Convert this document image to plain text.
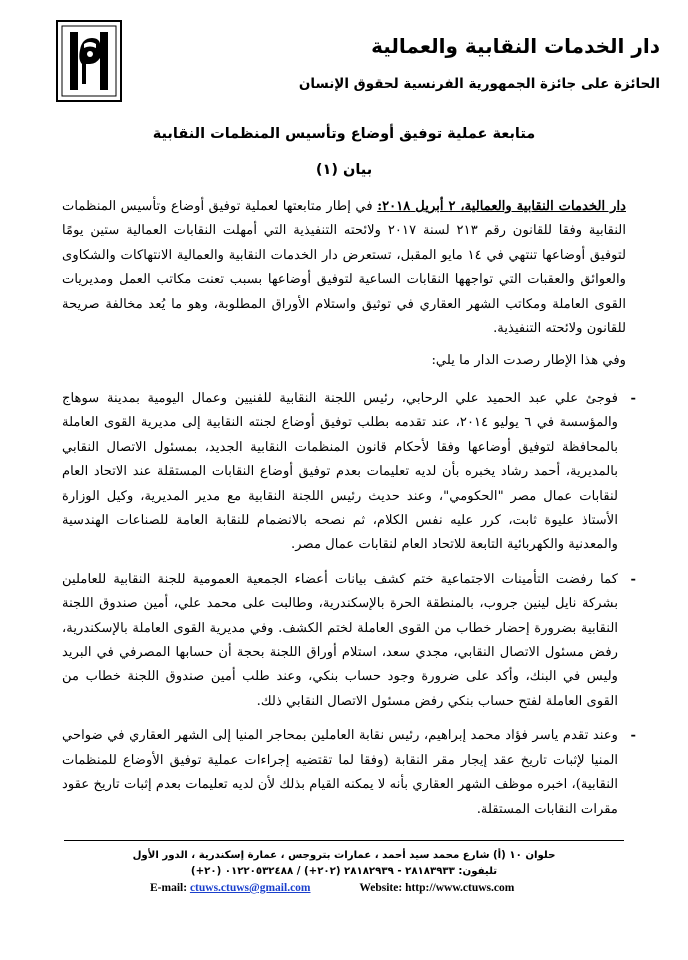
دار الخدمات النقابية والعمالية
الحائزة على جائزة الجمهورية الفرنسية لحقوق الإنسان
متابعة عملية توفيق أوضاع وتأسيس المنظمات النقابية
بيان (١)

دار الخدمات النقابية والعمالية، ٢ أبريل ٢٠١٨: في إطار متابعتها لعملية توفيق أوضاع وتأسيس المنظمات النقابية وفقا للقانون رقم ٢١٣ لسنة ٢٠١٧ ولائحته التنفيذية التي أمهلت النقابات العمالية ستين يومًا لتوفيق أوضاعها تنتهي في ١٤ مايو المقبل، تستعرض دار الخدمات النقابية والعمالية الانتهاكات والشكاوى والعوائق والعقبات التي تواجهها النقابات الساعية لتوفيق أوضاعها بسبب تعنت مكاتب العمل ومديريات القوى العاملة ومكاتب الشهر العقاري في توثيق واستلام الأوراق المطلوبة، وهو ما يُعد مخالفة صريحة للقانون ولائحته التنفيذية.

وفي هذا الإطار رصدت الدار ما يلي:
-
فوجئ علي عبد الحميد علي الرحابي، رئيس اللجنة النقابية للفنيين وعمال اليومية بمدينة سوهاج والمؤسسة في ٦ يوليو ٢٠١٤، عند تقدمه بطلب توفيق أوضاع لجنته النقابية إلى مديرية القوى العاملة بالمحافظة لتوفيق أوضاعها وفقا لأحكام قانون المنظمات النقابية الجديد، بمسئول الاتصال النقابي بالمديرية، أحمد رشاد يخبره بأن لديه تعليمات بعدم توفيق أوضاع النقابات المستقلة عند الاتحاد العام لنقابات عمال مصر "الحكومي"، وعند حديث رئيس اللجنة النقابية مع مدير المديرية، وكيل الوزارة الأستاذ عليوة ثابت، كرر عليه نفس الكلام، ثم نصحه بالانضمام للنقابة العامة للصناعات الهندسية والمعدنية والكهربائية التابعة للاتحاد العام لنقابات عمال مصر.
-
كما رفضت التأمينات الاجتماعية ختم كشف بيانات أعضاء الجمعية العمومية للجنة النقابية للعاملين بشركة نايل لينين جروب، بالمنطقة الحرة بالإسكندرية، وطالبت على محمد علي، أمين صندوق اللجنة النقابية بضرورة إحضار خطاب من القوى العاملة لختم الكشف. وفي مديرية القوى العاملة بالإسكندرية، رفض مسئول الاتصال النقابي، مجدي سعد، استلام أوراق اللجنة بحجة أن حسابها المصرفي في البريد وليس في البنك، وأكد على ضرورة وجود حساب بنكي، وعند طلب أمين صندوق اللجنة خطاب من القوى العاملة لفتح حساب بنكي رفض مسئول الاتصال النقابي ذلك.
-
وعند تقدم ياسر فؤاد محمد إبراهيم، رئيس نقابة العاملين بمحاجر المنيا إلى الشهر العقاري في ضواحي المنيا لإثبات تاريخ عقد إيجار مقر النقابة (وفقا لما تقتضيه إجراءات عملية توفيق الأوضاع للمنظمات النقابية)، اخبره موظف الشهر العقاري بأنه لا يمكنه القيام بذلك لأن لديه تعليمات بعدم إثبات تاريخ عقود مقرات النقابات المستقلة.
حلوان ١٠ (أ) شارع محمد سيد أحمد ، عمارات بتروجس ، عمارة إسكندرية ، الدور الأول
تليفون: ٢٨١٨٣٩٣٣ - ٢٨١٨٢٩٣٩ (٢٠٢+) / ٠١٢٢٠٥٣٢٤٨٨ (٢٠+)
E-mail: ctuws.ctuws@gmail.com	Website: http://www.ctuws.com
